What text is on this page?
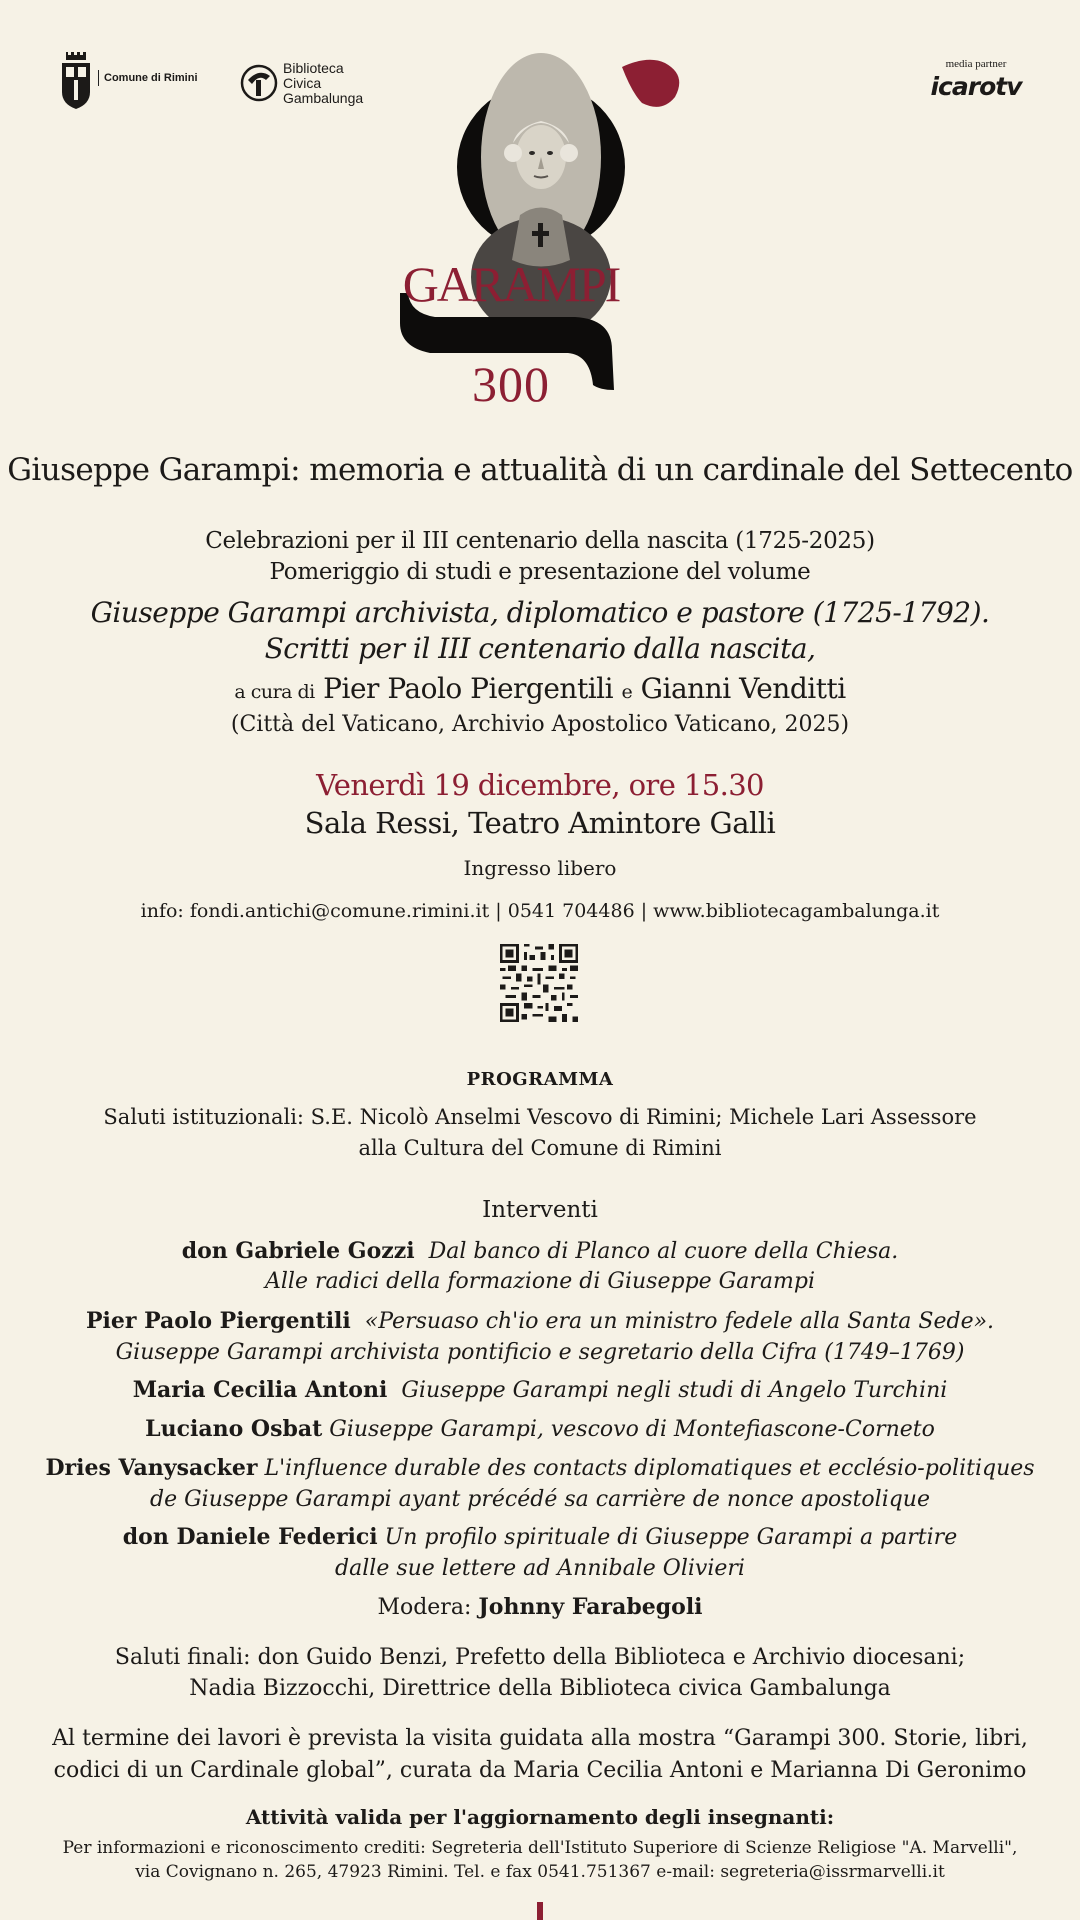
Comune di Rimini
Biblioteca
Civica
Gambalunga
media partner
icarotv
GARAMPI
300
Giuseppe Garampi: memoria e attualità di un cardinale del Settecento
Celebrazioni per il III centenario della nascita (1725-2025)
Pomeriggio di studi e presentazione del volume
Giuseppe Garampi archivista, diplomatico e pastore (1725-1792).
Scritti per il III centenario dalla nascita,
a cura di Pier Paolo Piergentili e Gianni Venditti
(Città del Vaticano, Archivio Apostolico Vaticano, 2025)
Venerdì 19 dicembre, ore 15.30
Sala Ressi, Teatro Amintore Galli
Ingresso libero
info: fondi.antichi@comune.rimini.it | 0541 704486 | www.bibliotecagambalunga.it
PROGRAMMA
Saluti istituzionali: S.E. Nicolò Anselmi Vescovo di Rimini; Michele Lari Assessore
alla Cultura del Comune di Rimini
Interventi
don Gabriele Gozzi Dal banco di Planco al cuore della Chiesa.
Alle radici della formazione di Giuseppe Garampi
Pier Paolo Piergentili «Persuaso ch'io era un ministro fedele alla Santa Sede».
Giuseppe Garampi archivista pontificio e segretario della Cifra (1749–1769)
Maria Cecilia Antoni Giuseppe Garampi negli studi di Angelo Turchini
Luciano Osbat Giuseppe Garampi, vescovo di Montefiascone-Corneto
Dries Vanysacker L'influence durable des contacts diplomatiques et ecclésio-politiques
de Giuseppe Garampi ayant précédé sa carrière de nonce apostolique
don Daniele Federici Un profilo spirituale di Giuseppe Garampi a partire
dalle sue lettere ad Annibale Olivieri
Modera: Johnny Farabegoli
Saluti finali: don Guido Benzi, Prefetto della Biblioteca e Archivio diocesani;
Nadia Bizzocchi, Direttrice della Biblioteca civica Gambalunga
Al termine dei lavori è prevista la visita guidata alla mostra “Garampi 300. Storie, libri,
codici di un Cardinale global”, curata da Maria Cecilia Antoni e Marianna Di Geronimo
Attività valida per l'aggiornamento degli insegnanti:
Per informazioni e riconoscimento crediti: Segreteria dell'Istituto Superiore di Scienze Religiose "A. Marvelli",
via Covignano n. 265, 47923 Rimini. Tel. e fax 0541.751367 e-mail: segreteria@issrmarvelli.it
